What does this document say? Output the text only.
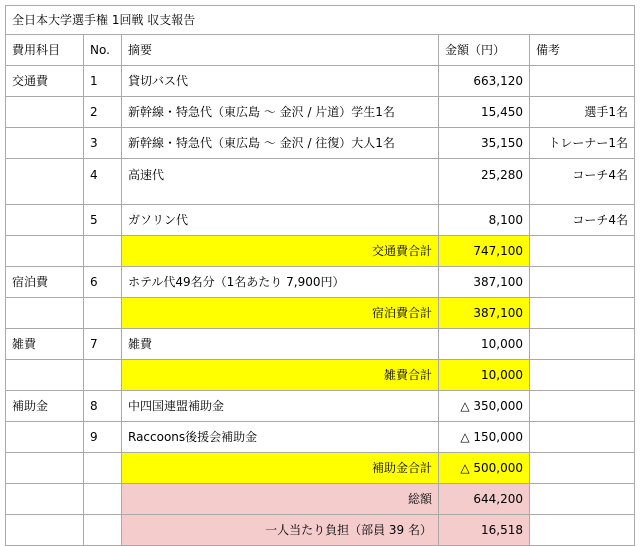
全日本大学選手権 1回戦 収支報告				
費用科目	No.	摘要	金額（円）	備考
交通費	1	貸切バス代	663,120	
	2	新幹線・特急代（東広島 〜 金沢 / 片道）学生1名	15,450	選手1名
	3	新幹線・特急代（東広島 〜 金沢 / 往復）大人1名	35,150	トレーナー1名
	4	高速代	25,280	コーチ4名
	5	ガソリン代	8,100	コーチ4名
		交通費合計	747,100	
宿泊費	6	ホテル代49名分（1名あたり 7,900円）	387,100	
		宿泊費合計	387,100	
雑費	7	雑費	10,000	
		雑費合計	10,000	
補助金	8	中四国連盟補助金	△ 350,000	
	9	Raccoons後援会補助金	△ 150,000	
		補助金合計	△ 500,000	
		総額	644,200	
		一人当たり負担（部員 39 名）	16,518	
